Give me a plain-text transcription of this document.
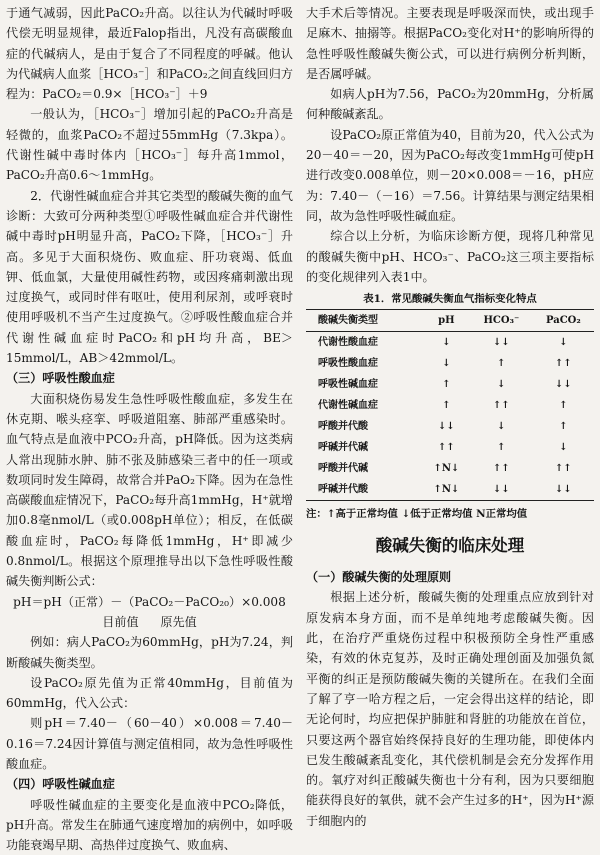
于通气减弱，因此PaCO₂升高。以往认为代碱时呼吸代偿无明显规律，最近Falop指出，凡没有高碳酸血症的代碱病人，是由于复合了不同程度的呼碱。他认为代碱病人血浆［HCO₃⁻］和PaCO₂之间直线回归方程为：PaCO₂＝0.9×［HCO₃⁻］＋9

一般认为，［HCO₃⁻］增加引起的PaCO₂升高是轻微的，血浆PaCO₂不超过55mmHg（7.3kpa）。代谢性碱中毒时体内［HCO₃⁻］每升高1mmol，PaCO₂升高0.6～1mmHg。

2．代谢性碱血症合并其它类型的酸碱失衡的血气诊断：大致可分两种类型①呼吸性碱血症合并代谢性碱中毒时pH明显升高，PaCO₂下降，［HCO₃⁻］升高。多见于大面积烧伤、败血症、肝功衰竭、低血钾、低血氯，大量使用碱性药物，或因疼痛刺激出现过度换气，或同时伴有呕吐，使用利尿剂，或呼衰时使用呼吸机不当产生过度换气。②呼吸性酸血症合并代谢性碱血症时PaCO₂和pH均升高，BE＞15mmol/L，AB＞42mmol/L。

（三）呼吸性酸血症

大面积烧伤易发生急性呼吸性酸血症，多发生在休克期、喉头痉挛、呼吸道阻塞、肺部严重感染时。血气特点是血液中PCO₂升高，pH降低。因为这类病人常出现肺水肿、肺不张及肺感染三者中的任一项或数项同时发生障碍，故常合并PaO₂下降。因为在急性高碳酸血症情况下，PaCO₂每升高1mmHg，H⁺就增加0.8毫nmol/L（或0.008pH单位）；相反，在低碳酸血症时，PaCO₂每降低1mmHg，H⁺即减少0.8nmol/L。根据这个原理推导出以下急性呼吸性酸碱失衡判断公式：

pH＝pH（正常）－（PaCO₂－PaCO₂₀）×0.008

目前值 原先值

例如：病人PaCO₂为60mmHg，pH为7.24，判断酸碱失衡类型。

设PaCO₂原先值为正常40mmHg，目前值为60mmHg，代入公式：

则pH＝7.40－（60－40）×0.008＝7.40－0.16＝7.24因计算值与测定值相同，故为急性呼吸性酸血症。

（四）呼吸性碱血症

呼吸性碱血症的主要变化是血液中PCO₂降低，pH升高。常发生在肺通气速度增加的病例中，如呼吸功能衰竭早期、高热伴过度换气、败血病、

大手术后等情况。主要表现是呼吸深而快，或出现手足麻木、抽搦等。根据PaCO₂变化对H⁺的影响所得的急性呼吸性酸碱失衡公式，可以进行病例分析判断，是否属呼碱。

如病人pH为7.56，PaCO₂为20mmHg，分析属何种酸碱紊乱。

设PaCO₂原正常值为40，目前为20，代入公式为20－40＝－20，因为PaCO₂每改变1mmHg可使pH进行改变0.008单位，则－20×0.008＝－16，pH应为：7.40－（－16）＝7.56。计算结果与测定结果相同，故为急性呼吸性碱血症。

综合以上分析，为临床诊断方便，现将几种常见的酸碱失衡中pH、HCO₃⁻、PaCO₂这三项主要指标的变化规律列入表1中。

表1．常见酸碱失衡血气指标变化特点

酸碱失衡类型	pH	HCO₃⁻	PaCO₂
代谢性酸血症	↓	↓↓	↓
呼吸性酸血症	↓	↑	↑↑
呼吸性碱血症	↑	↓	↓↓
代谢性碱血症	↑	↑↑	↑
呼酸并代酸	↓↓	↓	↑
呼碱并代碱	↑↑	↑	↓
呼酸并代碱	↑N↓	↑↑	↑↑
呼碱并代酸	↑N↓	↓↓	↓↓

注：↑高于正常均值 ↓低于正常均值 N正常均值

酸碱失衡的临床处理

（一）酸碱失衡的处理原则

根据上述分析，酸碱失衡的处理重点应放到针对原发病本身方面，而不是单纯地考虑酸碱失衡。因此，在治疗严重烧伤过程中积极预防全身性严重感染，有效的休克复苏，及时正确处理创面及加强负氮平衡的纠正是预防酸碱失衡的关键所在。在我们全面了解了亨一哈方程之后，一定会得出这样的结论，即无论何时，均应把保护肺脏和肾脏的功能放在首位，只要这两个器官始终保持良好的生理功能，即使体内已发生酸碱紊乱变化，其代偿机制是会充分发挥作用的。氧疗对纠正酸碱失衡也十分有利，因为只要细胞能获得良好的氧供，就不会产生过多的H⁺，因为H⁺源于细胞内的
